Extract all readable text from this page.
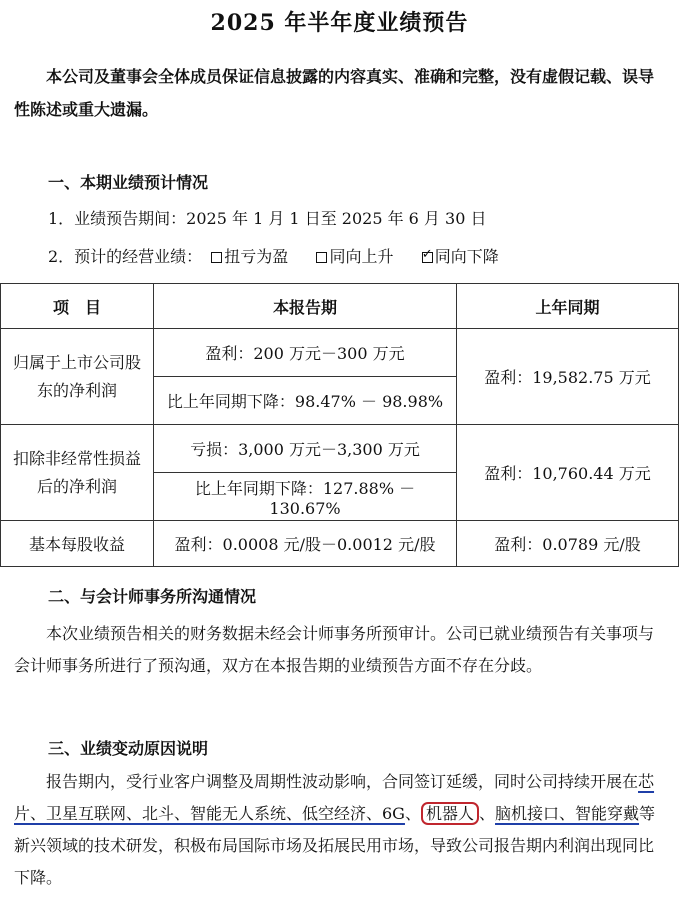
2025 年半年度业绩预告
本公司及董事会全体成员保证信息披露的内容真实、准确和完整，没有虚假记载、误导性陈述或重大遗漏。
一、本期业绩预计情况
1．业绩预告期间：2025 年 1 月 1 日至 2025 年 6 月 30 日
2．预计的经营业绩： 扭亏为盈	同向上升 ✓	同向下降
项　目	本报告期	上年同期
归属于上市公司股东的净利润	盈利：200 万元－300 万元	盈利：19,582.75 万元
	比上年同期下降：98.47% － 98.98%	
扣除非经常性损益后的净利润	亏损：3,000 万元－3,300 万元	盈利：10,760.44 万元
	比上年同期下降：127.88% － 130.67%	
基本每股收益	盈利：0.0008 元/股－0.0012 元/股	盈利：0.0789 元/股
二、与会计师事务所沟通情况
本次业绩预告相关的财务数据未经会计师事务所预审计。公司已就业绩预告有关事项与会计师事务所进行了预沟通，双方在本报告期的业绩预告方面不存在分歧。
三、业绩变动原因说明
报告期内，受行业客户调整及周期性波动影响，合同签订延缓，同时公司持续开展在芯片、卫星互联网、北斗、智能无人系统、低空经济、6G、 机器人 、脑机接口、智能穿戴等新兴领域的技术研发，积极布局国际市场及拓展民用市场，导致公司报告期内利润出现同比下降。
